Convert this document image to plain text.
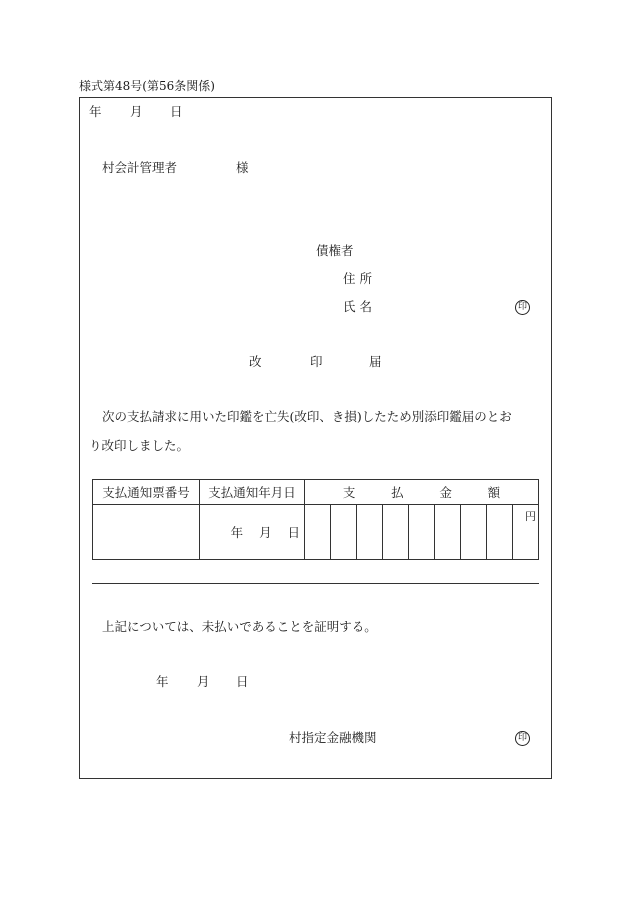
様式第48号(第56条関係)
年 月 日
村会計管理者	様
債権者
住 所
氏 名	印
改	印	届
次の支払請求に用いた印鑑を亡失(改印、き損)したため別添印鑑届のとお
り改印しました。
支払通知票番号	支払通知年月日	支 払 金 額								

	年 月 日									円
上記については、未払いであることを証明する。
年 月 日
村指定金融機関	印
